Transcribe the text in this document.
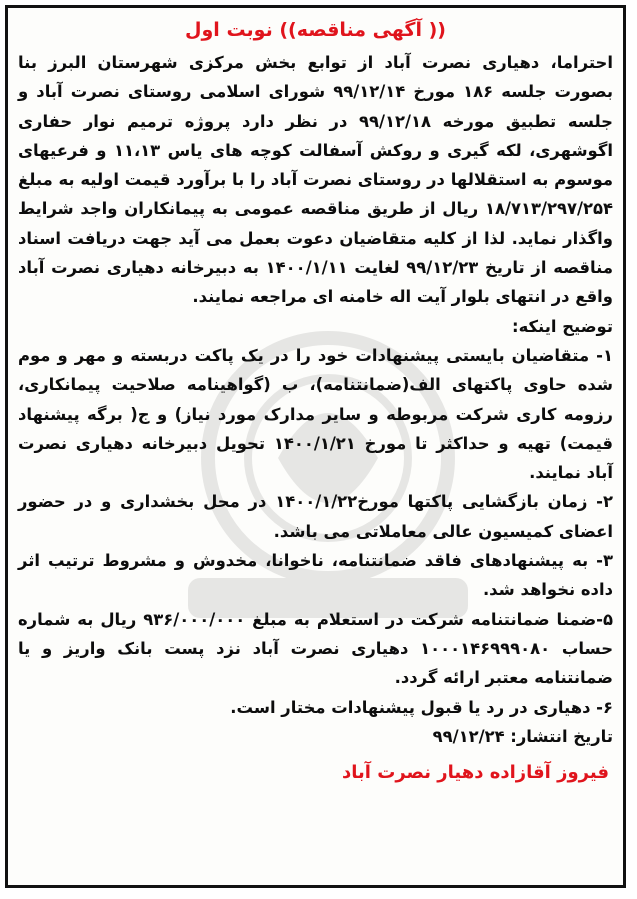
(( آگهی مناقصه)) نوبت اول

احتراما، دهیاری نصرت آباد از توابع بخش مرکزی شهرستان البرز بنا بصورت جلسه ۱۸۶ مورخ ۹۹/۱۲/۱۴ شورای اسلامی روستای نصرت آباد و جلسه تطبیق مورخه ۹۹/۱۲/۱۸ در نظر دارد پروژه ترمیم نوار حفاری اگوشهری، لکه گیری و روکش آسفالت کوچه های یاس ۱۱،۱۳ و فرعیهای موسوم به استقلالها در روستای نصرت آباد را با برآورد قیمت اولیه به مبلغ ۱۸/۷۱۳/۲۹۷/۲۵۴ ریال از طریق مناقصه عمومی به پیمانکاران واجد شرایط واگذار نماید. لذا از کلیه متقاضیان دعوت بعمل می آید جهت دریافت اسناد مناقصه از تاریخ ۹۹/۱۲/۲۳ لغایت ۱۴۰۰/۱/۱۱ به دبیرخانه دهیاری نصرت آباد واقع در انتهای بلوار آیت اله خامنه ای مراجعه نمایند.

توضیح اینکه:

۱- متقاضیان بایستی پیشنهادات خود را در یک پاکت دربسته و مهر و موم شده حاوی پاکتهای الف(ضمانتنامه)، ب (گواهینامه صلاحیت پیمانکاری، رزومه کاری شرکت مربوطه و سایر مدارک مورد نیاز) و ج( برگه پیشنهاد قیمت) تهیه و حداکثر تا مورخ ۱۴۰۰/۱/۲۱ تحویل دبیرخانه دهیاری نصرت آباد نمایند.

۲- زمان بازگشایی پاکتها مورخ۱۴۰۰/۱/۲۲ در محل بخشداری و در حضور اعضای کمیسیون عالی معاملاتی می باشد.

۳- به پیشنهادهای فاقد ضمانتنامه، ناخوانا، مخدوش و مشروط ترتیب اثر داده نخواهد شد.

۵-ضمنا ضمانتنامه شرکت در استعلام به مبلغ ۹۳۶/۰۰۰/۰۰۰ ریال به شماره حساب ۱۰۰۰۱۴۶۹۹۹۰۸۰ دهیاری نصرت آباد نزد پست بانک واریز و یا ضمانتنامه معتبر ارائه گردد.

۶- دهیاری در رد یا قبول پیشنهادات مختار است.

تاریخ انتشار: ۹۹/۱۲/۲۴

فیروز آقازاده دهیار نصرت آباد
